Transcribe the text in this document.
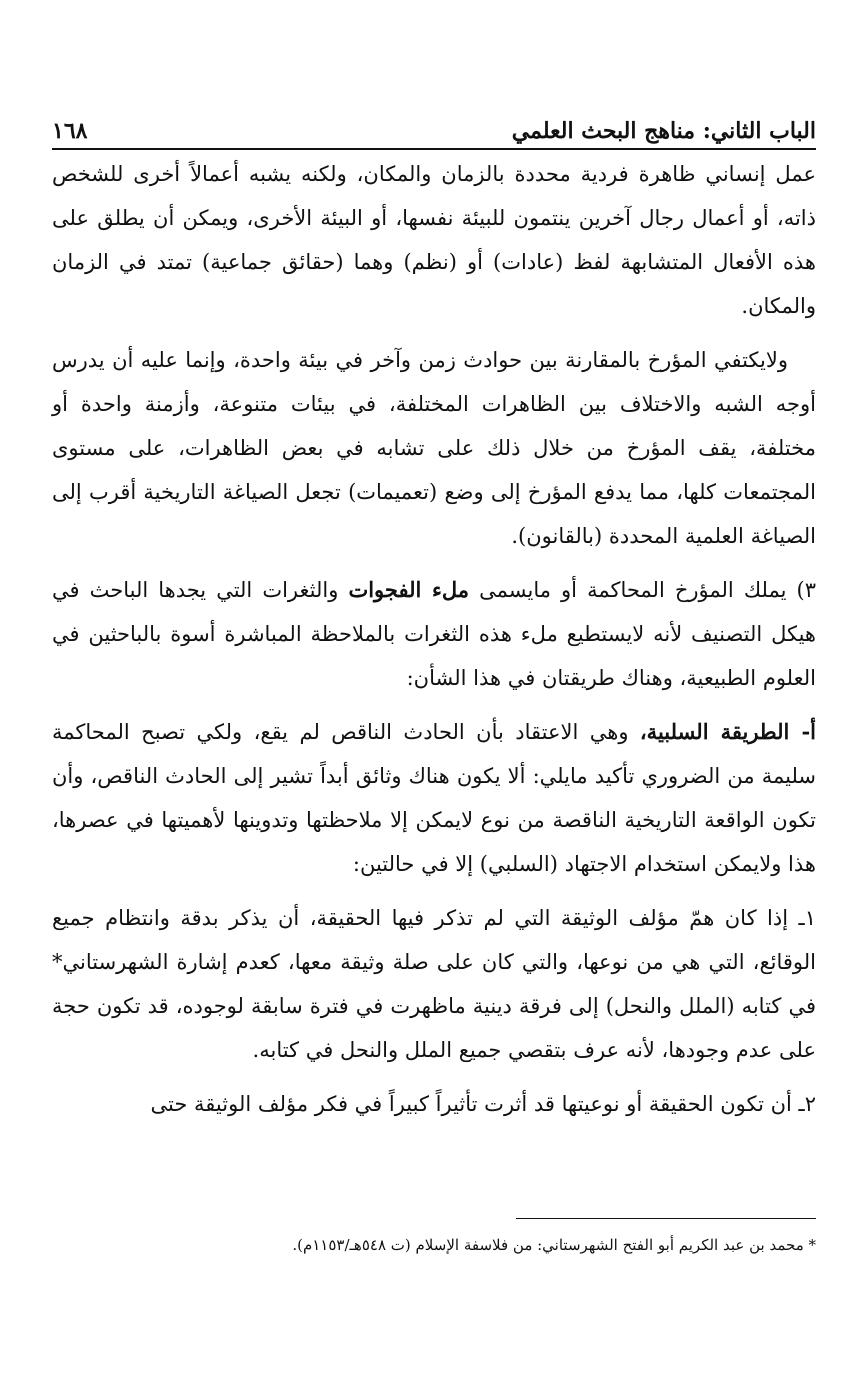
الباب الثاني: مناهج البحث العلمي
١٦٨

عمل إنساني ظاهرة فردية محددة بالزمان والمكان، ولكنه يشبه أعمالاً أخرى للشخص ذاته، أو أعمال رجال آخرين ينتمون للبيئة نفسها، أو البيئة الأخرى، ويمكن أن يطلق على هذه الأفعال المتشابهة لفظ (عادات) أو (نظم) وهما (حقائق جماعية) تمتد في الزمان والمكان.

ولايكتفي المؤرخ بالمقارنة بين حوادث زمن وآخر في بيئة واحدة، وإنما عليه أن يدرس أوجه الشبه والاختلاف بين الظاهرات المختلفة، في بيئات متنوعة، وأزمنة واحدة أو مختلفة، يقف المؤرخ من خلال ذلك على تشابه في بعض الظاهرات، على مستوى المجتمعات كلها، مما يدفع المؤرخ إلى وضع (تعميمات) تجعل الصياغة التاريخية أقرب إلى الصياغة العلمية المحددة (بالقانون).

٣) يملك المؤرخ المحاكمة أو مايسمى ملء الفجوات والثغرات التي يجدها الباحث في هيكل التصنيف لأنه لايستطيع ملء هذه الثغرات بالملاحظة المباشرة أسوة بالباحثين في العلوم الطبيعية، وهناك طريقتان في هذا الشأن:

أ- الطريقة السلبية، وهي الاعتقاد بأن الحادث الناقص لم يقع، ولكي تصبح المحاكمة سليمة من الضروري تأكيد مايلي: ألا يكون هناك وثائق أبداً تشير إلى الحادث الناقص، وأن تكون الواقعة التاريخية الناقصة من نوع لايمكن إلا ملاحظتها وتدوينها لأهميتها في عصرها، هذا ولايمكن استخدام الاجتهاد (السلبي) إلا في حالتين:

١ـ إذا كان همّ مؤلف الوثيقة التي لم تذكر فيها الحقيقة، أن يذكر بدقة وانتظام جميع الوقائع، التي هي من نوعها، والتي كان على صلة وثيقة معها، كعدم إشارة الشهرستاني* في كتابه (الملل والنحل) إلى فرقة دينية ماظهرت في فترة سابقة لوجوده، قد تكون حجة على عدم وجودها، لأنه عرف بتقصي جميع الملل والنحل في كتابه.

٢ـ أن تكون الحقيقة أو نوعيتها قد أثرت تأثيراً كبيراً في فكر مؤلف الوثيقة حتى

* محمد بن عبد الكريم أبو الفتح الشهرستاني: من فلاسفة الإسلام (ت ٥٤٨هـ/١١٥٣م).
